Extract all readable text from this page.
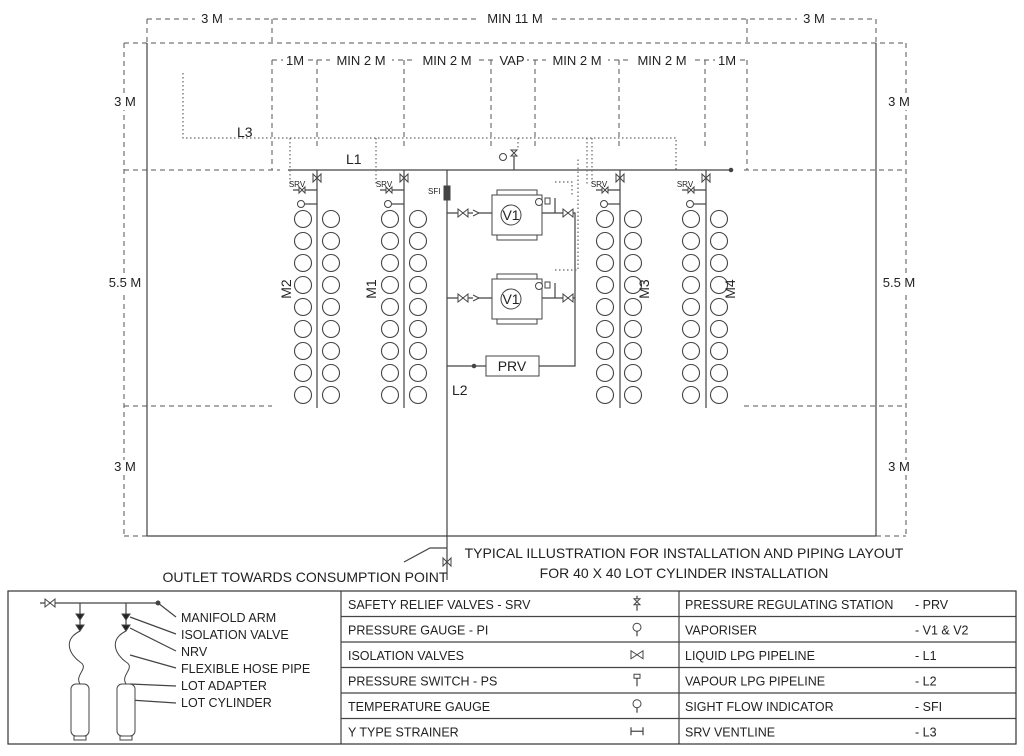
3 M	MIN 11 M	3 M
1M MIN 2 M	MIN 2 M VAP MIN 2 M	MIN 2 M 1M
3 M	3 M
5.5 M	5.5 M
3 M	3 M
L1
L2
L3
M2	M1	M3	M4
V1
V1
PRV
SFI
SRV	SRV	SRV	SRV
OUTLET TOWARDS CONSUMPTION POINT
TYPICAL ILLUSTRATION FOR INSTALLATION AND PIPING LAYOUT
FOR 40 X 40 LOT CYLINDER INSTALLATION
MANIFOLD ARM
ISOLATION VALVE
NRV
FLEXIBLE HOSE PIPE
LOT ADAPTER
LOT CYLINDER
SAFETY RELIEF VALVES - SRV	PRESSURE REGULATING STATION - PRV
PRESSURE GAUGE - PI	VAPORISER	- V1 & V2
ISOLATION VALVES	LIQUID LPG PIPELINE	- L1
PRESSURE SWITCH - PS	VAPOUR LPG PIPELINE	- L2
TEMPERATURE GAUGE	SIGHT FLOW INDICATOR	- SFI
Y TYPE STRAINER	SRV VENTLINE	- L3
